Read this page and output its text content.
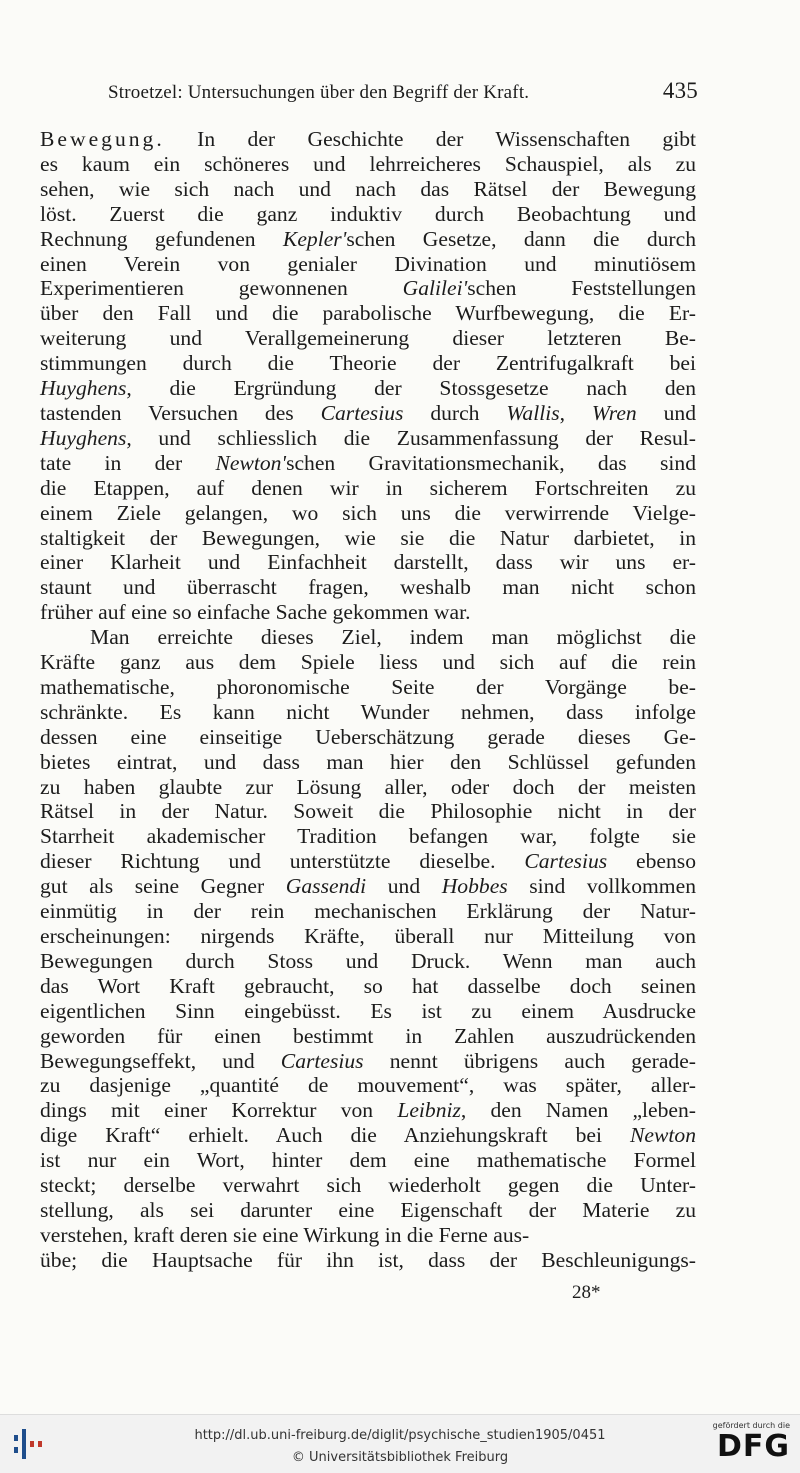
Stroetzel: Untersuchungen über den Begriff der Kraft.	435
Bewegung. In der Geschichte der Wissenschaften gibt
es kaum ein schöneres und lehrreicheres Schauspiel, als zu
sehen, wie sich nach und nach das Rätsel der Bewegung
löst. Zuerst die ganz induktiv durch Beobachtung und
Rechnung gefundenen Kepler'schen Gesetze, dann die durch
einen Verein von genialer Divination und minutiösem
Experimentieren gewonnenen Galilei'schen Feststellungen
über den Fall und die parabolische Wurfbewegung, die Er-
weiterung und Verallgemeinerung dieser letzteren Be-
stimmungen durch die Theorie der Zentrifugalkraft bei
Huyghens, die Ergründung der Stossgesetze nach den
tastenden Versuchen des Cartesius durch Wallis, Wren und
Huyghens, und schliesslich die Zusammenfassung der Resul-
tate in der Newton'schen Gravitationsmechanik, das sind
die Etappen, auf denen wir in sicherem Fortschreiten zu
einem Ziele gelangen, wo sich uns die verwirrende Vielge-
staltigkeit der Bewegungen, wie sie die Natur darbietet, in
einer Klarheit und Einfachheit darstellt, dass wir uns er-
staunt und überrascht fragen, weshalb man nicht schon
früher auf eine so einfache Sache gekommen war.
Man erreichte dieses Ziel, indem man möglichst die
Kräfte ganz aus dem Spiele liess und sich auf die rein
mathematische, phoronomische Seite der Vorgänge be-
schränkte. Es kann nicht Wunder nehmen, dass infolge
dessen eine einseitige Ueberschätzung gerade dieses Ge-
bietes eintrat, und dass man hier den Schlüssel gefunden
zu haben glaubte zur Lösung aller, oder doch der meisten
Rätsel in der Natur. Soweit die Philosophie nicht in der
Starrheit akademischer Tradition befangen war, folgte sie
dieser Richtung und unterstützte dieselbe. Cartesius ebenso
gut als seine Gegner Gassendi und Hobbes sind vollkommen
einmütig in der rein mechanischen Erklärung der Natur-
erscheinungen: nirgends Kräfte, überall nur Mitteilung von
Bewegungen durch Stoss und Druck. Wenn man auch
das Wort Kraft gebraucht, so hat dasselbe doch seinen
eigentlichen Sinn eingebüsst. Es ist zu einem Ausdrucke
geworden für einen bestimmt in Zahlen auszudrückenden
Bewegungseffekt, und Cartesius nennt übrigens auch gerade-
zu dasjenige „quantité de mouvement“, was später, aller-
dings mit einer Korrektur von Leibniz, den Namen „leben-
dige Kraft“ erhielt. Auch die Anziehungskraft bei Newton
ist nur ein Wort, hinter dem eine mathematische Formel
steckt; derselbe verwahrt sich wiederholt gegen die Unter-
stellung, als sei darunter eine Eigenschaft der Materie zu
verstehen, kraft deren sie eine Wirkung in die Ferne aus-
übe; die Hauptsache für ihn ist, dass der Beschleunigungs-
28*
http://dl.ub.uni-freiburg.de/diglit/psychische_studien1905/0451
© Universitätsbibliothek Freiburg
gefördert durch die
DFG
